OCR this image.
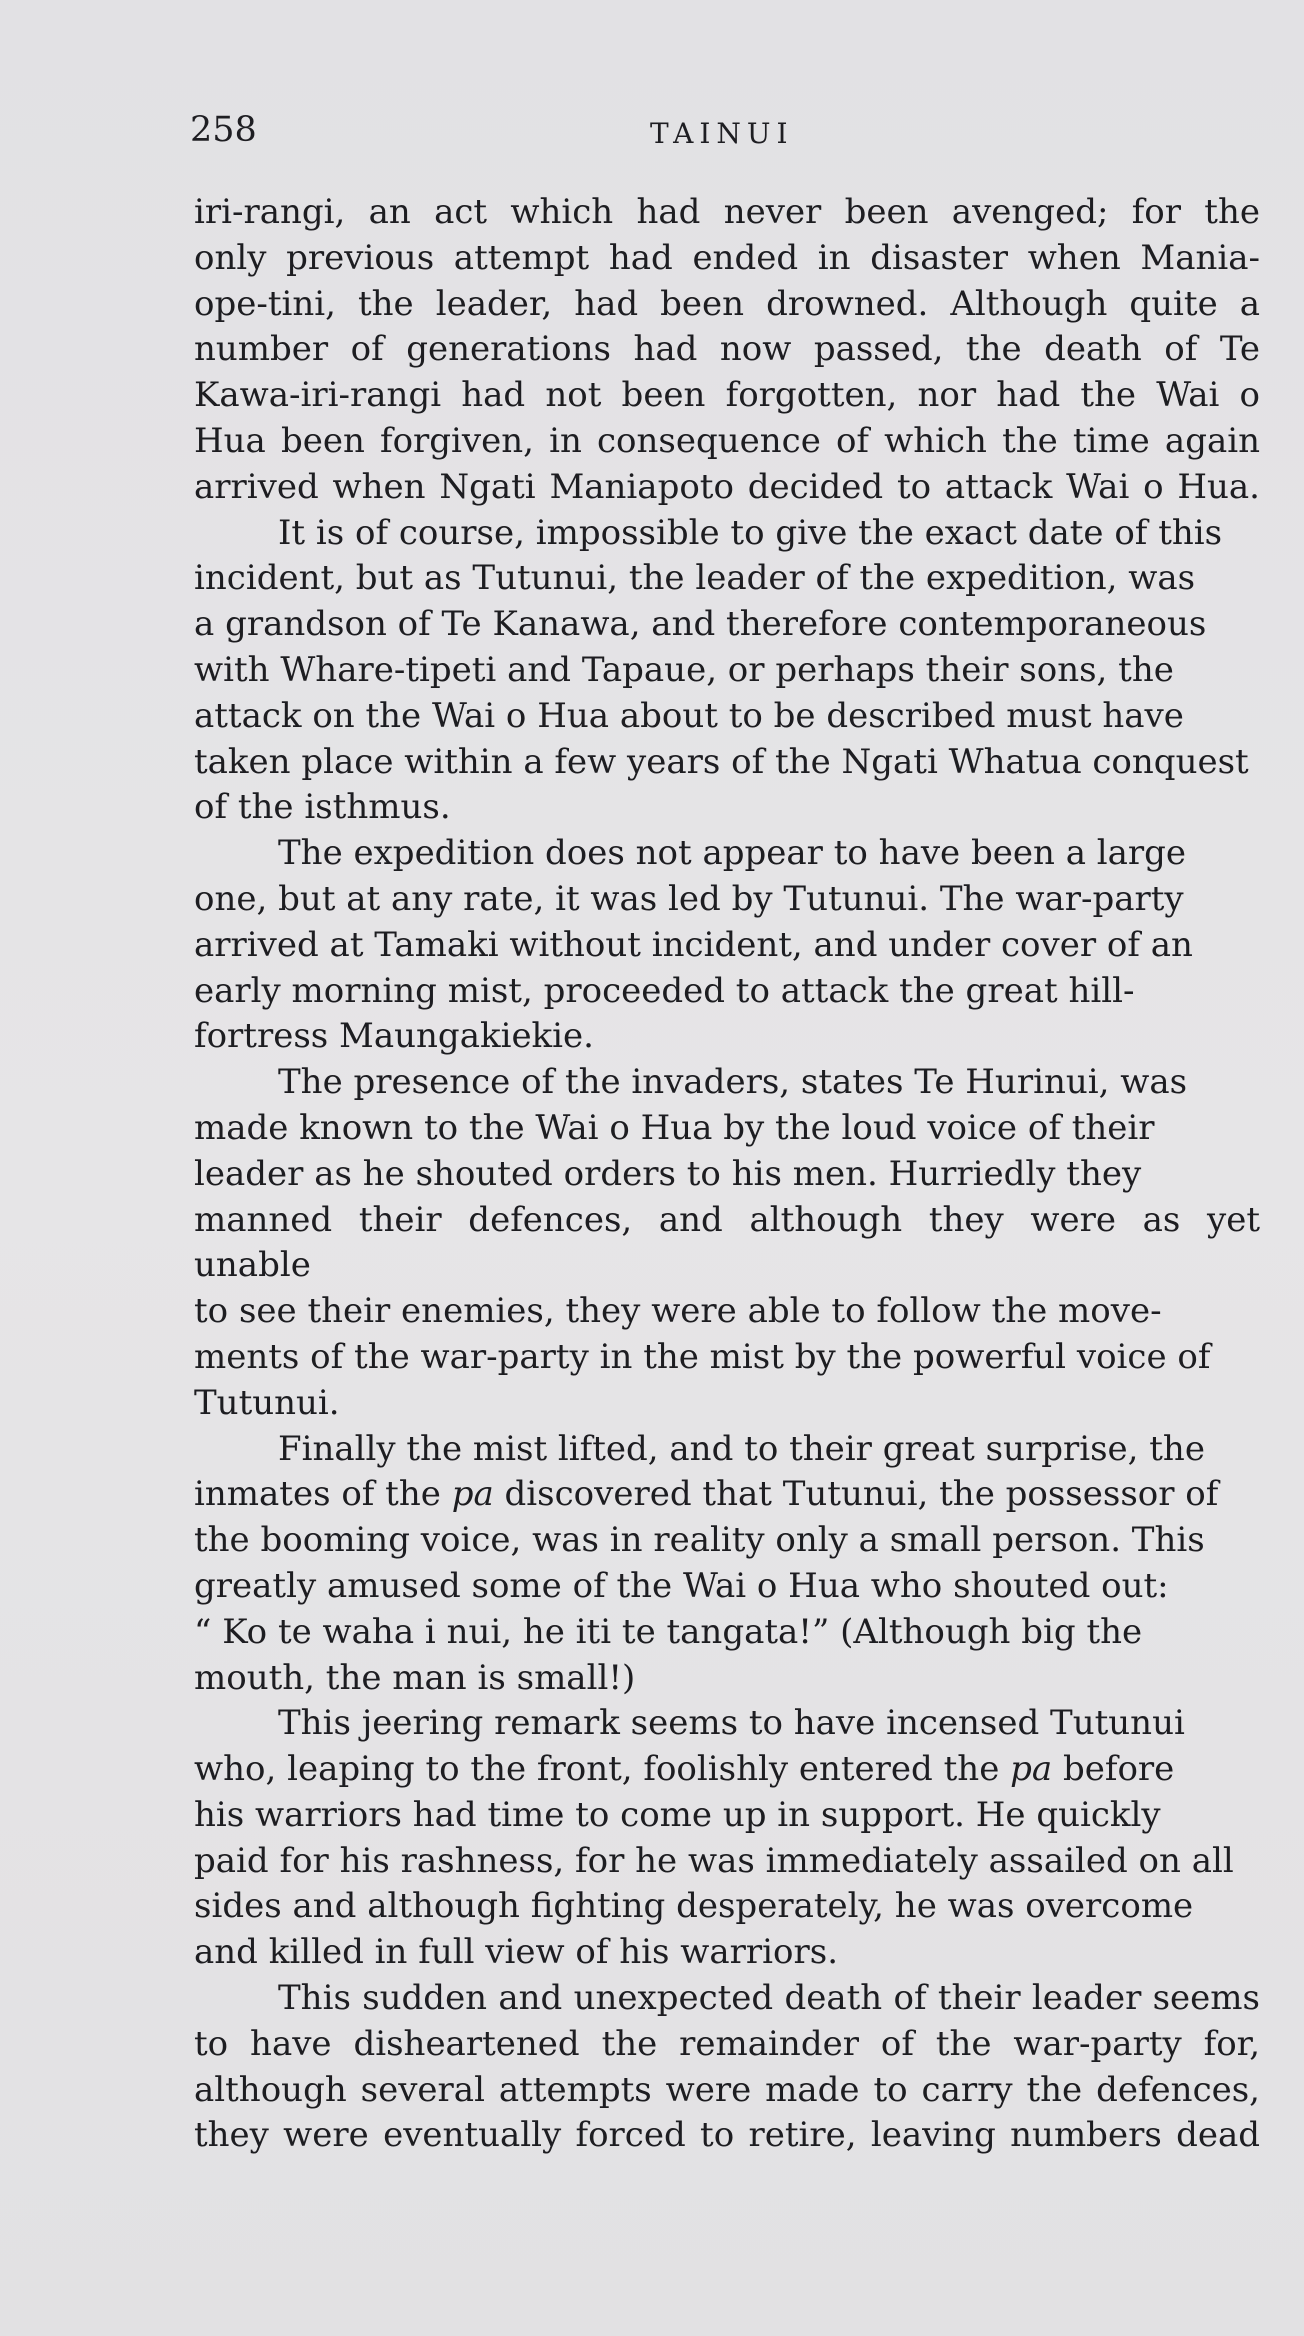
258	TAINUI

iri-rangi, an act which had never been avenged; for the
only previous attempt had ended in disaster when Mania-
ope-tini, the leader, had been drowned. Although quite a
number of generations had now passed, the death of Te
Kawa-iri-rangi had not been forgotten, nor had the Wai o
Hua been forgiven, in consequence of which the time again
arrived when Ngati Maniapoto decided to attack Wai o Hua.

It is of course, impossible to give the exact date of this
incident, but as Tutunui, the leader of the expedition, was
a grandson of Te Kanawa, and therefore contemporaneous
with Whare-tipeti and Tapaue, or perhaps their sons, the
attack on the Wai o Hua about to be described must have
taken place within a few years of the Ngati Whatua conquest
of the isthmus.

The expedition does not appear to have been a large
one, but at any rate, it was led by Tutunui. The war-party
arrived at Tamaki without incident, and under cover of an
early morning mist, proceeded to attack the great hill-
fortress Maungakiekie.

The presence of the invaders, states Te Hurinui, was
made known to the Wai o Hua by the loud voice of their
leader as he shouted orders to his men. Hurriedly they
manned their defences, and although they were as yet unable
to see their enemies, they were able to follow the move-
ments of the war-party in the mist by the powerful voice of
Tutunui.

Finally the mist lifted, and to their great surprise, the
inmates of the pa discovered that Tutunui, the possessor of
the booming voice, was in reality only a small person. This
greatly amused some of the Wai o Hua who shouted out:
“ Ko te waha i nui, he iti te tangata!” (Although big the
mouth, the man is small!)

This jeering remark seems to have incensed Tutunui
who, leaping to the front, foolishly entered the pa before
his warriors had time to come up in support. He quickly
paid for his rashness, for he was immediately assailed on all
sides and although fighting desperately, he was overcome
and killed in full view of his warriors.

This sudden and unexpected death of their leader seems
to have disheartened the remainder of the war-party for,
although several attempts were made to carry the defences,
they were eventually forced to retire, leaving numbers dead
